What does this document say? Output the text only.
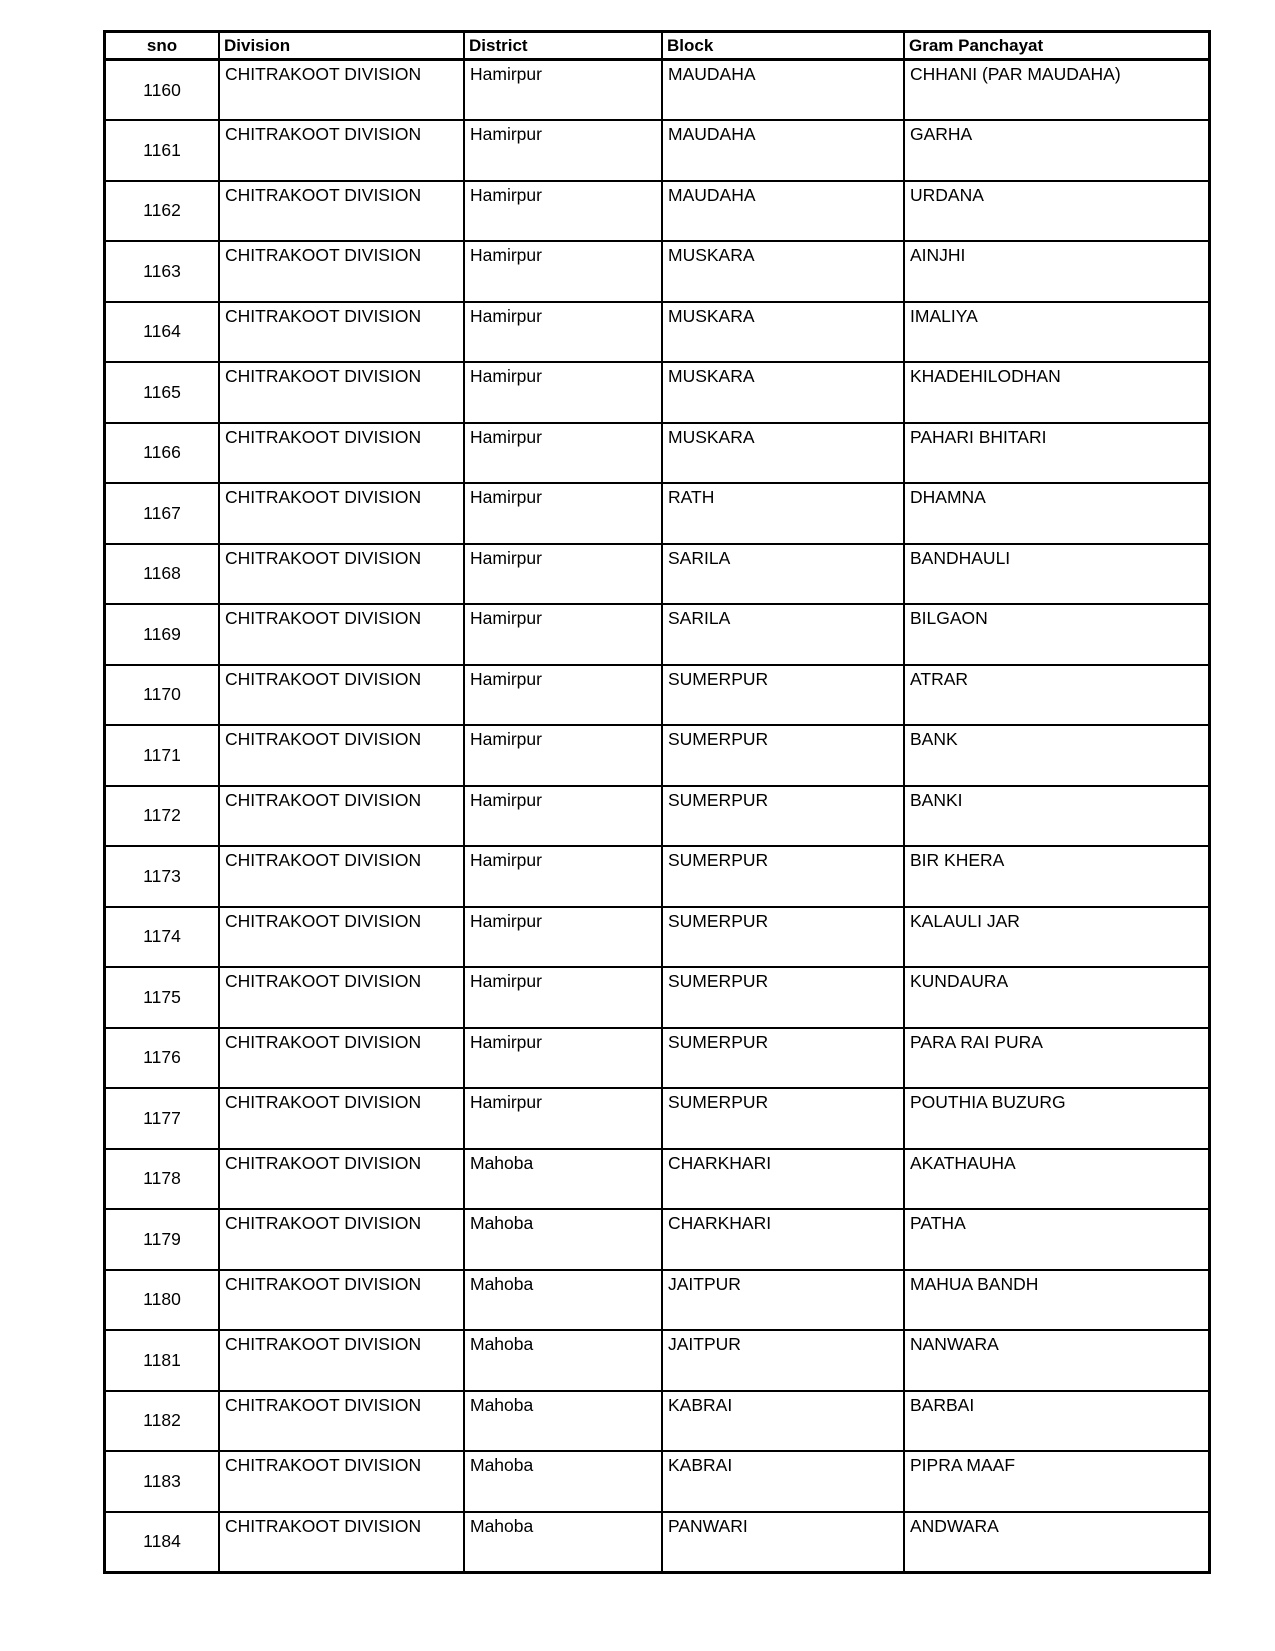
sno	Division	District	Block	Gram Panchayat
1160	CHITRAKOOT DIVISION	Hamirpur	MAUDAHA	CHHANI (PAR MAUDAHA)
1161	CHITRAKOOT DIVISION	Hamirpur	MAUDAHA	GARHA
1162	CHITRAKOOT DIVISION	Hamirpur	MAUDAHA	URDANA
1163	CHITRAKOOT DIVISION	Hamirpur	MUSKARA	AINJHI
1164	CHITRAKOOT DIVISION	Hamirpur	MUSKARA	IMALIYA
1165	CHITRAKOOT DIVISION	Hamirpur	MUSKARA	KHADEHILODHAN
1166	CHITRAKOOT DIVISION	Hamirpur	MUSKARA	PAHARI BHITARI
1167	CHITRAKOOT DIVISION	Hamirpur	RATH	DHAMNA
1168	CHITRAKOOT DIVISION	Hamirpur	SARILA	BANDHAULI
1169	CHITRAKOOT DIVISION	Hamirpur	SARILA	BILGAON
1170	CHITRAKOOT DIVISION	Hamirpur	SUMERPUR	ATRAR
1171	CHITRAKOOT DIVISION	Hamirpur	SUMERPUR	BANK
1172	CHITRAKOOT DIVISION	Hamirpur	SUMERPUR	BANKI
1173	CHITRAKOOT DIVISION	Hamirpur	SUMERPUR	BIR KHERA
1174	CHITRAKOOT DIVISION	Hamirpur	SUMERPUR	KALAULI JAR
1175	CHITRAKOOT DIVISION	Hamirpur	SUMERPUR	KUNDAURA
1176	CHITRAKOOT DIVISION	Hamirpur	SUMERPUR	PARA RAI PURA
1177	CHITRAKOOT DIVISION	Hamirpur	SUMERPUR	POUTHIA BUZURG
1178	CHITRAKOOT DIVISION	Mahoba	CHARKHARI	AKATHAUHA
1179	CHITRAKOOT DIVISION	Mahoba	CHARKHARI	PATHA
1180	CHITRAKOOT DIVISION	Mahoba	JAITPUR	MAHUA BANDH
1181	CHITRAKOOT DIVISION	Mahoba	JAITPUR	NANWARA
1182	CHITRAKOOT DIVISION	Mahoba	KABRAI	BARBAI
1183	CHITRAKOOT DIVISION	Mahoba	KABRAI	PIPRA MAAF
1184	CHITRAKOOT DIVISION	Mahoba	PANWARI	ANDWARA
